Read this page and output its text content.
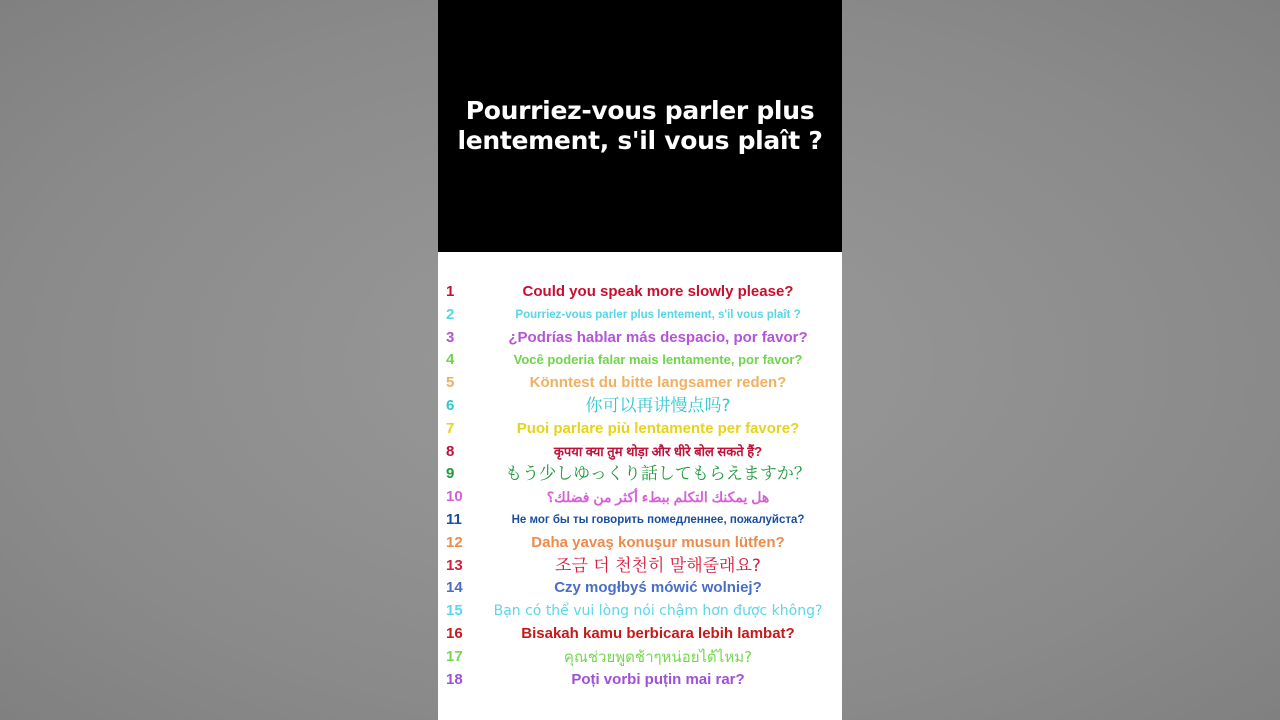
Pourriez-vous parler plus lentement, s'il vous plaît ?

1	Could you speak more slowly please?
2	Pourriez-vous parler plus lentement, s'il vous plaît ?
3	¿Podrías hablar más despacio, por favor?
4	Você poderia falar mais lentamente, por favor?
5	Könntest du bitte langsamer reden?
6	你可以再讲慢点吗?
7	Puoi parlare più lentamente per favore?
8	कृपया क्या तुम थोड़ा और धीरे बोल सकते हैं?
9	もう少しゆっくり話してもらえますか？
10	هل يمكنك التكلم ببطء أكثر من فضلك؟
11	Не мог бы ты говорить помедленнее, пожалуйста?
12	Daha yavaş konuşur musun lütfen?
13	조금 더 천천히 말해줄래요?
14	Czy mogłbyś mówić wolniej?
15	Bạn có thể vui lòng nói chậm hơn được không?
16	Bisakah kamu berbicara lebih lambat?
17	คุณช่วยพูดช้าๆหน่อยได้ไหม?
18	Poți vorbi puțin mai rar?
